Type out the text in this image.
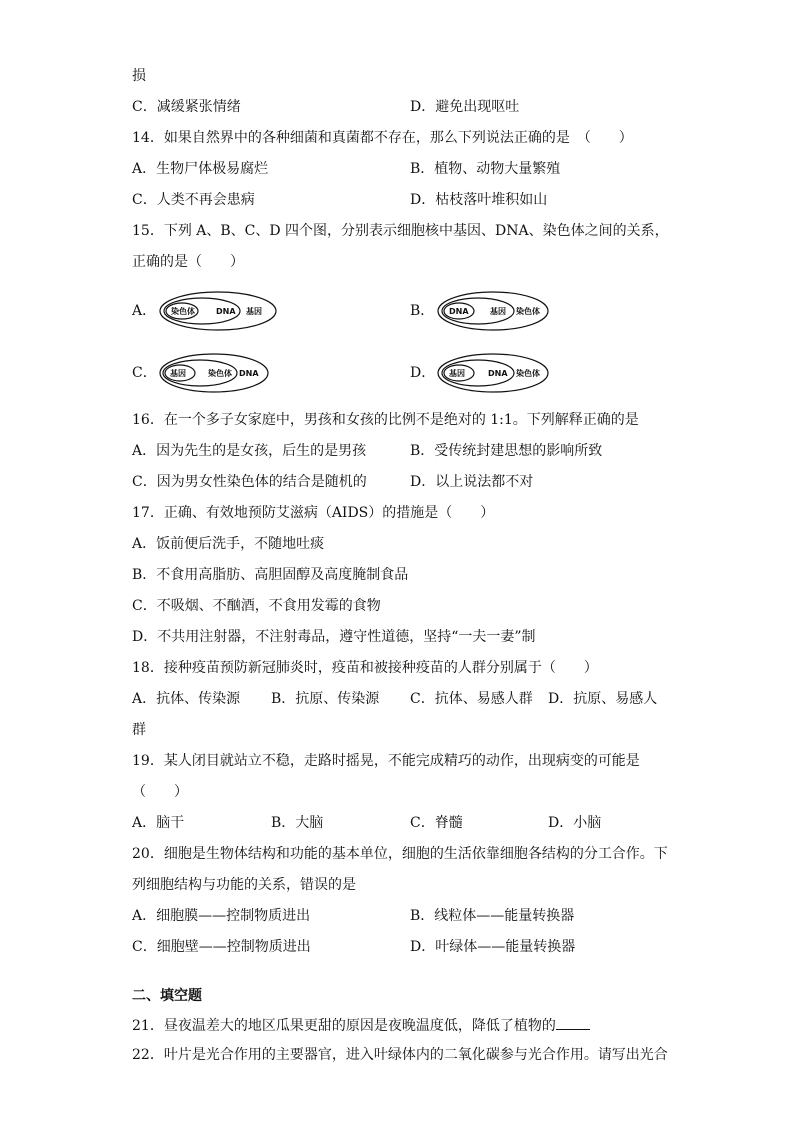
损
C．减缓紧张情绪	D．避免出现呕吐
14．如果自然界中的各种细菌和真菌都不存在，那么下列说法正确的是　（　　）
A．生物尸体极易腐烂	B．植物、动物大量繁殖
C．人类不再会患病	D．枯枝落叶堆积如山
15．下列 A、B、C、D 四个图，分别表示细胞核中基因、DNA、染色体之间的关系，
正确的是（　　）
A． 染色体	DNA 基因	B． DNA	基因 染色体
C． 基因	染色体 DNA	D． 基因	DNA 染色体
16．在一个多子女家庭中，男孩和女孩的比例不是绝对的 1:1。下列解释正确的是
A．因为先生的是女孩，后生的是男孩	B．受传统封建思想的影响所致
C．因为男女性染色体的结合是随机的	D．以上说法都不对
17．正确、有效地预防艾滋病（AIDS）的措施是（　　）
A．饭前便后洗手，不随地吐痰
B．不食用高脂肪、高胆固醇及高度腌制食品
C．不吸烟、不酗酒，不食用发霉的食物
D．不共用注射器，不注射毒品，遵守性道德，坚持“一夫一妻”制
18．接种疫苗预防新冠肺炎时，疫苗和被接种疫苗的人群分别属于（　　）
A．抗体、传染源 B．抗原、传染源 C．抗体、易感人群 D．抗原、易感人
群
19．某人闭目就站立不稳，走路时摇晃，不能完成精巧的动作，出现病变的可能是
（　　）
A．脑干	B．大脑	C．脊髓	D．小脑
20．细胞是生物体结构和功能的基本单位，细胞的生活依靠细胞各结构的分工合作。下
列细胞结构与功能的关系，错误的是
A．细胞膜——控制物质进出	B．线粒体——能量转换器
C．细胞壁——控制物质进出	D．叶绿体——能量转换器
二、填空题
21．昼夜温差大的地区瓜果更甜的原因是夜晚温度低，降低了植物的
22．叶片是光合作用的主要器官，进入叶绿体内的二氧化碳参与光合作用。请写出光合
